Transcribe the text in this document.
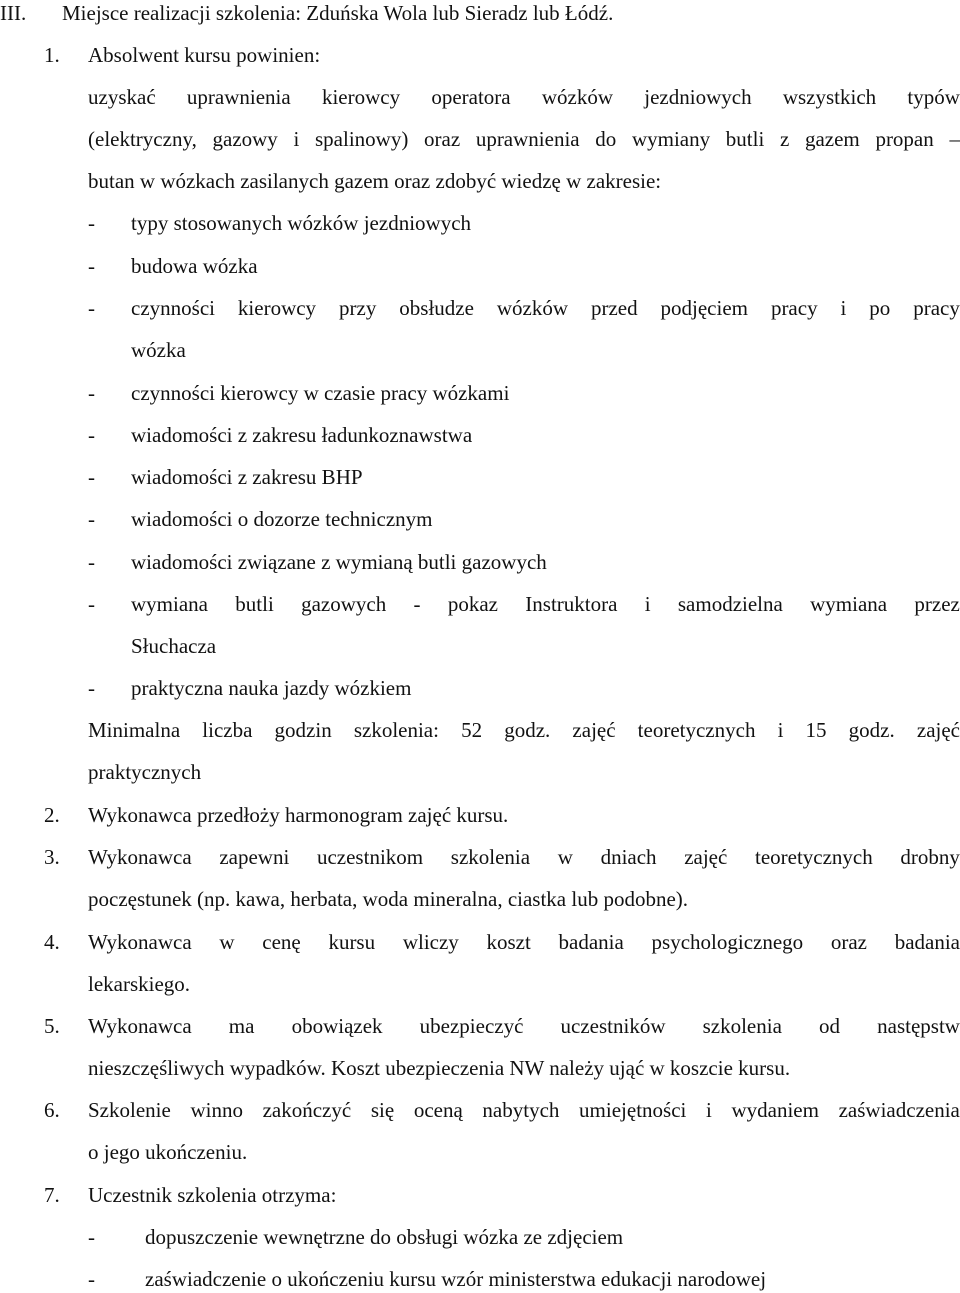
III. Miejsce realizacji szkolenia: Zduńska Wola lub Sieradz lub Łódź.
1. Absolwent kursu powinien:
uzyskać uprawnienia kierowcy operatora wózków jezdniowych wszystkich typów
(elektryczny, gazowy i spalinowy) oraz uprawnienia do wymiany butli z gazem propan –
butan w wózkach zasilanych gazem oraz zdobyć wiedzę w zakresie:
- typy stosowanych wózków jezdniowych
- budowa wózka
- czynności kierowcy przy obsłudze wózków przed podjęciem pracy i po pracy
wózka
- czynności kierowcy w czasie pracy wózkami
- wiadomości z zakresu ładunkoznawstwa
- wiadomości z zakresu BHP
- wiadomości o dozorze technicznym
- wiadomości związane z wymianą butli gazowych
- wymiana butli gazowych - pokaz Instruktora i samodzielna wymiana przez
Słuchacza
- praktyczna nauka jazdy wózkiem
Minimalna liczba godzin szkolenia: 52 godz. zajęć teoretycznych i 15 godz. zajęć
praktycznych
2. Wykonawca przedłoży harmonogram zajęć kursu.
3. Wykonawca zapewni uczestnikom szkolenia w dniach zajęć teoretycznych drobny
poczęstunek (np. kawa, herbata, woda mineralna, ciastka lub podobne).
4. Wykonawca w cenę kursu wliczy koszt badania psychologicznego oraz badania
lekarskiego.
5. Wykonawca ma obowiązek ubezpieczyć uczestników szkolenia od następstw
nieszczęśliwych wypadków. Koszt ubezpieczenia NW należy ująć w koszcie kursu.
6. Szkolenie winno zakończyć się oceną nabytych umiejętności i wydaniem zaświadczenia
o jego ukończeniu.
7. Uczestnik szkolenia otrzyma:
- dopuszczenie wewnętrzne do obsługi wózka ze zdjęciem
- zaświadczenie o ukończeniu kursu wzór ministerstwa edukacji narodowej
